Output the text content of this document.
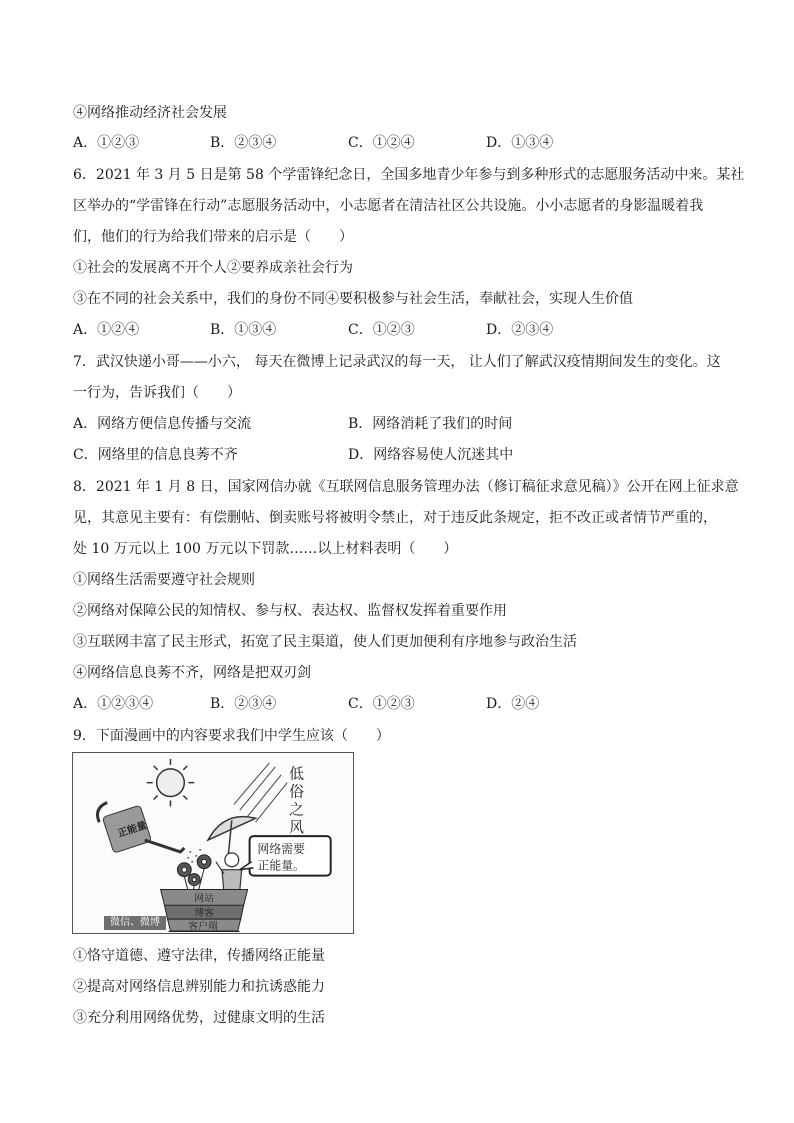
④网络推动经济社会发展
A．①②③	B．②③④	C．①②④	D．①③④
6．2021 年 3 月 5 日是第 58 个学雷锋纪念日，全国多地青少年参与到多种形式的志愿服务活动中来。某社
区举办的“学雷锋在行动”志愿服务活动中，小志愿者在清洁社区公共设施。小小志愿者的身影温暖着我
们，他们的行为给我们带来的启示是（　　）
①社会的发展离不开个人②要养成亲社会行为
③在不同的社会关系中，我们的身份不同④要积极参与社会生活，奉献社会，实现人生价值
A．①②④	B．①③④	C．①②③	D．②③④
7．武汉快递小哥——小六， 每天在微博上记录武汉的每一天， 让人们了解武汉疫情期间发生的变化。这
一行为，告诉我们（　　）
A．网络方便信息传播与交流	B．网络消耗了我们的时间
C．网络里的信息良莠不齐	D．网络容易使人沉迷其中
8．2021 年 1 月 8 日，国家网信办就《互联网信息服务管理办法（修订稿征求意见稿）》公开在网上征求意
见，其意见主要有：有偿删帖、倒卖账号将被明令禁止，对于违反此条规定，拒不改正或者情节严重的，
处 10 万元以上 100 万元以下罚款……以上材料表明（　　）
①网络生活需要遵守社会规则
②网络对保障公民的知情权、参与权、表达权、监督权发挥着重要作用
③互联网丰富了民主形式，拓宽了民主渠道，使人们更加便利有序地参与政治生活
④网络信息良莠不齐，网络是把双刃剑
A．①②③④	B．②③④	C．①②③	D．②④
9．下面漫画中的内容要求我们中学生应该（　　）
正能量
低
俗
之
风
网络需要
正能量。
网站
博客
客户端
微信、微博
①恪守道德、遵守法律，传播网络正能量
②提高对网络信息辨别能力和抗诱惑能力
③充分利用网络优势，过健康文明的生活
